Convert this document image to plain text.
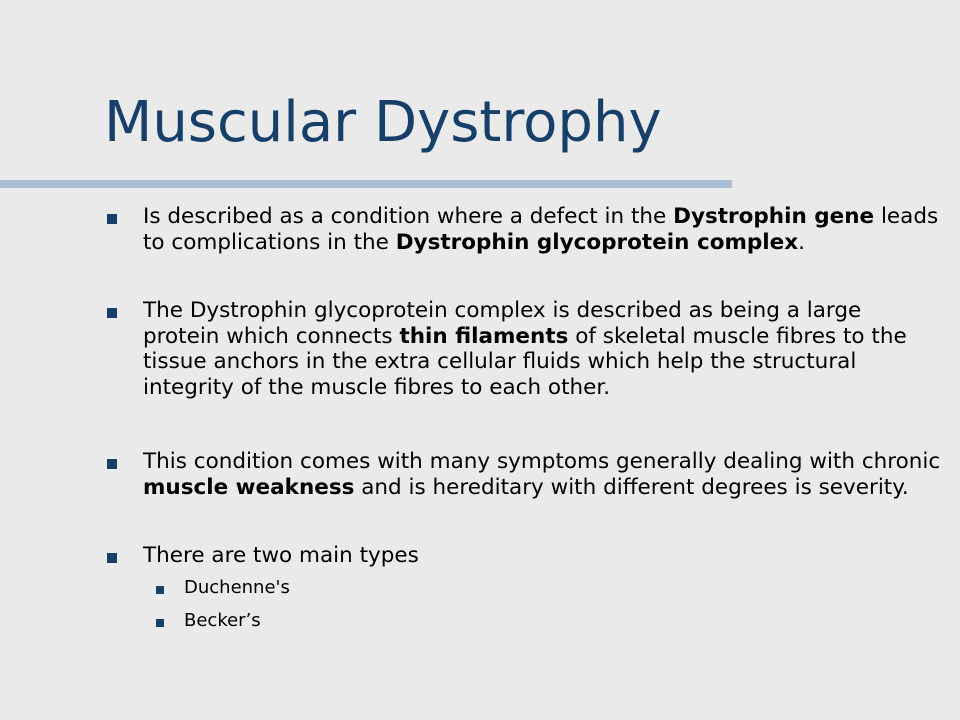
Muscular Dystrophy
Is described as a condition where a defect in the Dystrophin gene leads to complications in the Dystrophin glycoprotein complex.
The Dystrophin glycoprotein complex is described as being a large protein which connects thin filaments of skeletal muscle fibres to the tissue anchors in the extra cellular fluids which help the structural integrity of the muscle fibres to each other.
This condition comes with many symptoms generally dealing with chronic muscle weakness and is hereditary with different degrees is severity.
There are two main types
Duchenne's
Becker’s
